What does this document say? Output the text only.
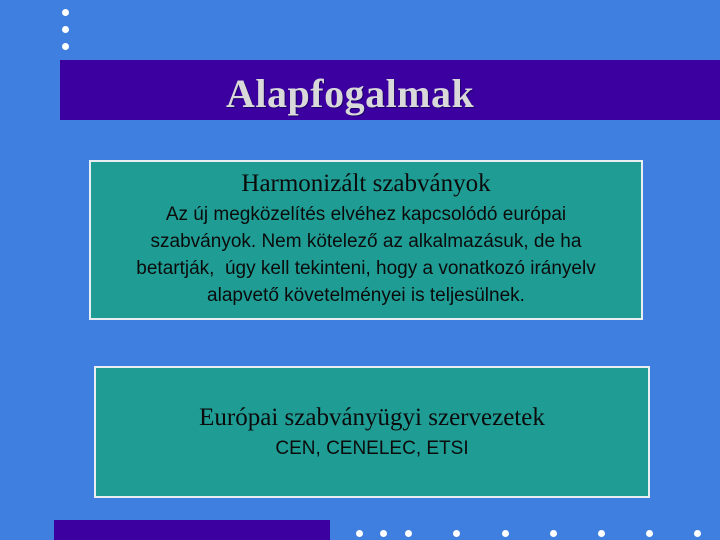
Alapfogalmak
Harmonizált szabványok
Az új megközelítés elvéhez kapcsolódó európai
szabványok. Nem kötelező az alkalmazásuk, de ha
betartják,  úgy kell tekinteni, hogy a vonatkozó irányelv
alapvető követelményei is teljesülnek.
Európai szabványügyi szervezetek
CEN, CENELEC, ETSI
